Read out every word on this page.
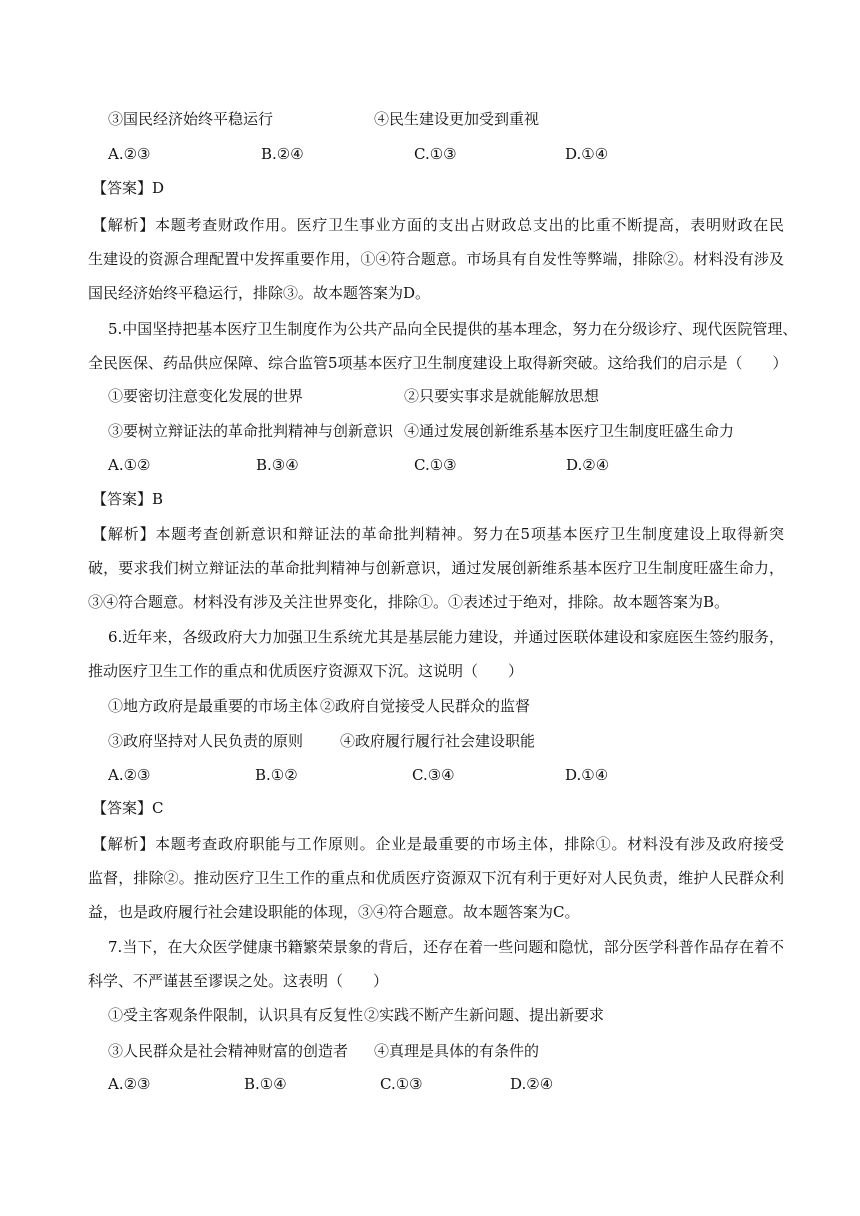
③国民经济始终平稳运行	④民生建设更加受到重视
A.②③	B.②④	C.①③	D.①④
【答案】D
【解析】本题考查财政作用。医疗卫生事业方面的支出占财政总支出的比重不断提高，表明财政在民
生建设的资源合理配置中发挥重要作用，①④符合题意。市场具有自发性等弊端，排除②。材料没有涉及
国民经济始终平稳运行，排除③。故本题答案为D。
5.中国坚持把基本医疗卫生制度作为公共产品向全民提供的基本理念，努力在分级诊疗、现代医院管理、
全民医保、药品供应保障、综合监管5项基本医疗卫生制度建设上取得新突破。这给我们的启示是（　　）
①要密切注意变化发展的世界	②只要实事求是就能解放思想
③要树立辩证法的革命批判精神与创新意识 ④通过发展创新维系基本医疗卫生制度旺盛生命力
A.①②	B.③④	C.①③	D.②④
【答案】B
【解析】本题考查创新意识和辩证法的革命批判精神。努力在5项基本医疗卫生制度建设上取得新突
破，要求我们树立辩证法的革命批判精神与创新意识，通过发展创新维系基本医疗卫生制度旺盛生命力，
③④符合题意。材料没有涉及关注世界变化，排除①。①表述过于绝对，排除。故本题答案为B。
6.近年来，各级政府大力加强卫生系统尤其是基层能力建设，并通过医联体建设和家庭医生签约服务，
推动医疗卫生工作的重点和优质医疗资源双下沉。这说明（　　）
①地方政府是最重要的市场主体 ②政府自觉接受人民群众的监督
③政府坚持对人民负责的原则 ④政府履行履行社会建设职能
A.②③	B.①②	C.③④	D.①④
【答案】C
【解析】本题考查政府职能与工作原则。企业是最重要的市场主体，排除①。材料没有涉及政府接受
监督，排除②。推动医疗卫生工作的重点和优质医疗资源双下沉有利于更好对人民负责，维护人民群众利
益，也是政府履行社会建设职能的体现，③④符合题意。故本题答案为C。
7.当下，在大众医学健康书籍繁荣景象的背后，还存在着一些问题和隐忧，部分医学科普作品存在着不
科学、不严谨甚至谬误之处。这表明（　　）
①受主客观条件限制，认识具有反复性 ②实践不断产生新问题、提出新要求
③人民群众是社会精神财富的创造者 ④真理是具体的有条件的
A.②③	B.①④	C.①③	D.②④
